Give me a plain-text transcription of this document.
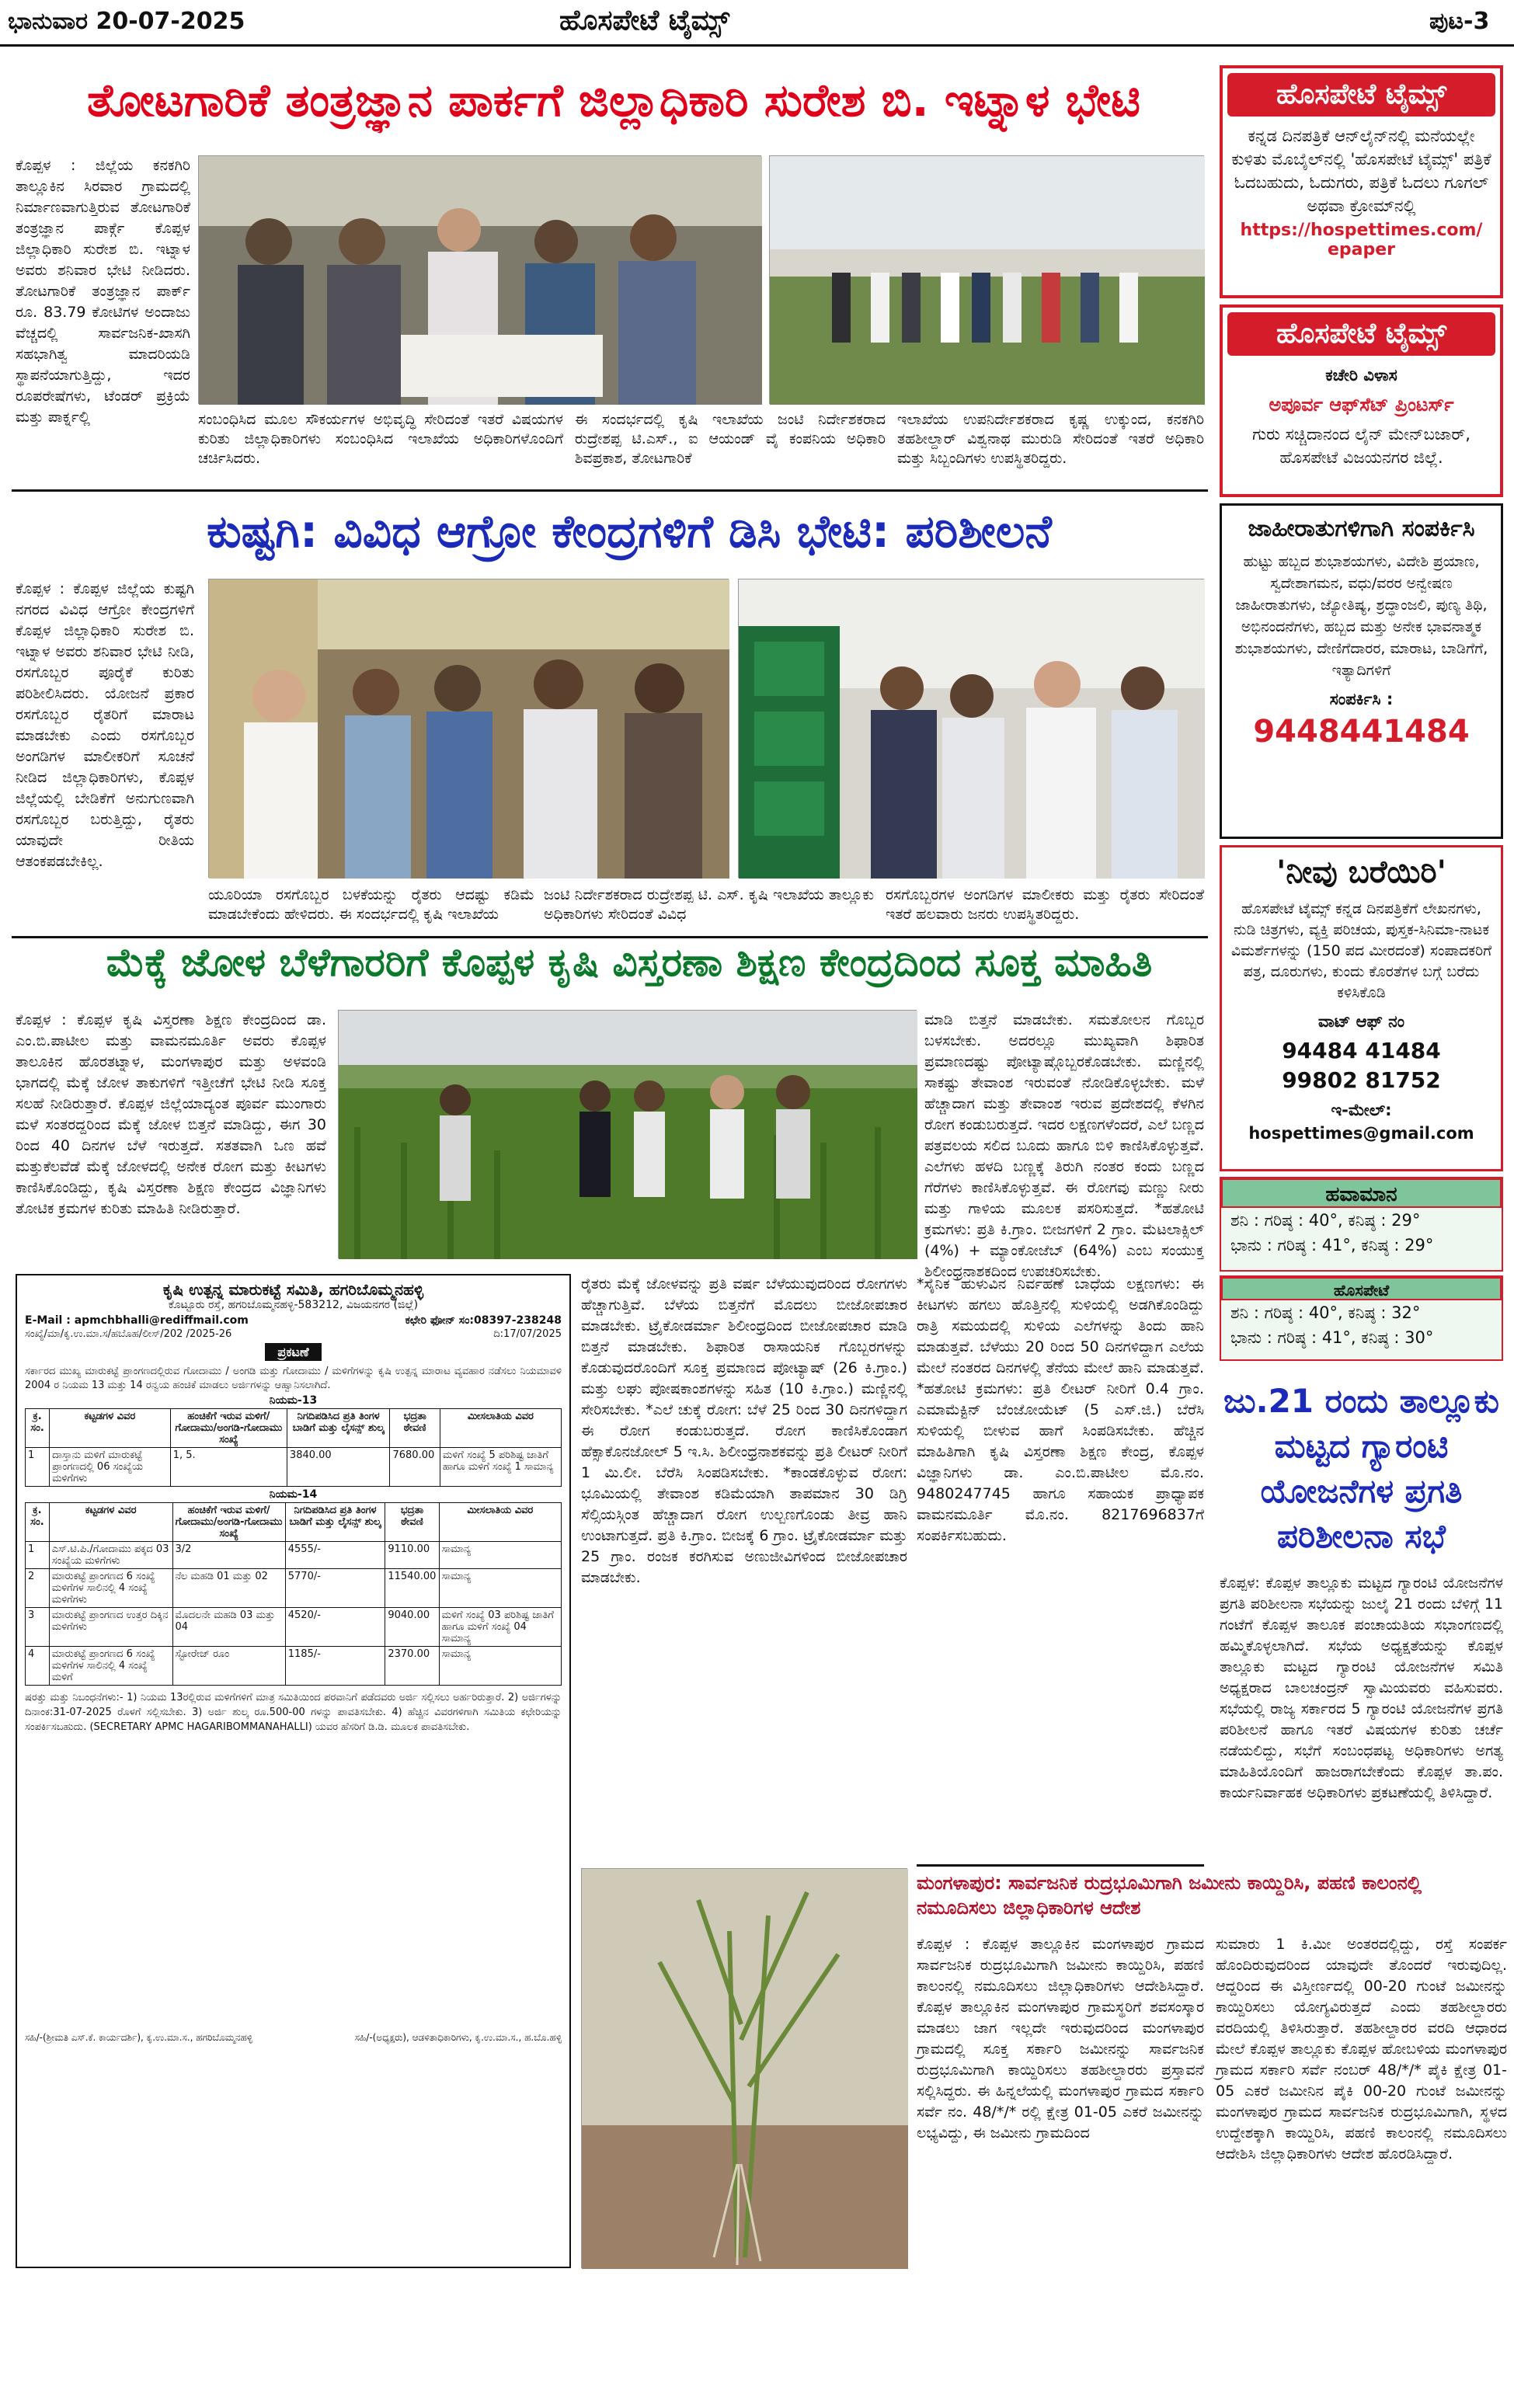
ಭಾನುವಾರ 20-07-2025	ಹೊಸಪೇಟೆ ಟೈಮ್ಸ್	ಪುಟ-3
ತೋಟಗಾರಿಕೆ ತಂತ್ರಜ್ಞಾನ ಪಾರ್ಕಗೆ ಜಿಲ್ಲಾಧಿಕಾರಿ ಸುರೇಶ ಬಿ. ಇಟ್ನಾಳ ಭೇಟಿ
ಕೊಪ್ಪಳ : ಜಿಲ್ಲೆಯ ಕನಕಗಿರಿ ತಾಲ್ಲೂಕಿನ ಸಿರವಾರ ಗ್ರಾಮದಲ್ಲಿ ನಿರ್ಮಾಣವಾಗುತ್ತಿರುವ ತೋಟಗಾರಿಕೆ ತಂತ್ರಜ್ಞಾನ ಪಾರ್ಕ್ಗೆ ಕೊಪ್ಪಳ ಜಿಲ್ಲಾಧಿಕಾರಿ ಸುರೇಶ ಬಿ. ಇಟ್ನಾಳ ಅವರು ಶನಿವಾರ ಭೇಟಿ ನೀಡಿದರು. ತೋಟಗಾರಿಕೆ ತಂತ್ರಜ್ಞಾನ ಪಾರ್ಕ್ ರೂ. 83.79 ಕೋಟಿಗಳ ಅಂದಾಜು ವೆಚ್ಚದಲ್ಲಿ ಸಾರ್ವಜನಿಕ-ಖಾಸಗಿ ಸಹಭಾಗಿತ್ವ ಮಾದರಿಯಡಿ ಸ್ಥಾಪನೆಯಾಗುತ್ತಿದ್ದು, ಇದರ ರೂಪರೇಷೆಗಳು, ಟೆಂಡರ್ ಪ್ರಕ್ರಿಯೆ ಮತ್ತು ಪಾರ್ಕ್ನಲ್ಲಿ	ಸಂಬಂಧಿಸಿದ ಮೂಲ ಸೌಕರ್ಯಗಳ ಅಭಿವೃದ್ಧಿ ಸೇರಿದಂತೆ ಇತರೆ ವಿಷಯಗಳ ಕುರಿತು ಜಿಲ್ಲಾಧಿಕಾರಿಗಳು ಸಂಬಂಧಿಸಿದ ಇಲಾಖೆಯ ಅಧಿಕಾರಿಗಳೊಂದಿಗೆ ಚರ್ಚಿಸಿದರು.
ಈ ಸಂದರ್ಭದಲ್ಲಿ ಕೃಷಿ ಇಲಾಖೆಯ ಜಂಟಿ ನಿರ್ದೇಶಕರಾದ ರುದ್ರೇಶಪ್ಪ ಟಿ.ಎಸ್., ಐ ಆಯಂಡ್ ವೈ ಕಂಪನಿಯ ಅಧಿಕಾರಿ ಶಿವಪ್ರಕಾಶ, ತೋಟಗಾರಿಕೆ
ಇಲಾಖೆಯ ಉಪನಿರ್ದೇಶಕರಾದ ಕೃಷ್ಣ ಉಕ್ಕುಂದ, ಕನಕಗಿರಿ ತಹಶೀಲ್ದಾರ್ ವಿಶ್ವನಾಥ ಮುರುಡಿ ಸೇರಿದಂತೆ ಇತರೆ ಅಧಿಕಾರಿ ಮತ್ತು ಸಿಬ್ಬಂದಿಗಳು ಉಪಸ್ಥಿತರಿದ್ದರು.
ಕುಷ್ಟಗಿ: ವಿವಿಧ ಆಗ್ರೋ ಕೇಂದ್ರಗಳಿಗೆ ಡಿಸಿ ಭೇಟಿ: ಪರಿಶೀಲನೆ
ಕೊಪ್ಪಳ : ಕೊಪ್ಪಳ ಜಿಲ್ಲೆಯ ಕುಷ್ಟಗಿ ನಗರದ ವಿವಿಧ ಆಗ್ರೋ ಕೇಂದ್ರಗಳಿಗೆ ಕೊಪ್ಪಳ ಜಿಲ್ಲಾಧಿಕಾರಿ ಸುರೇಶ ಬಿ. ಇಟ್ನಾಳ ಅವರು ಶನಿವಾರ ಭೇಟಿ ನೀಡಿ, ರಸಗೊಬ್ಬರ ಪೂರೈಕೆ ಕುರಿತು ಪರಿಶೀಲಿಸಿದರು. ಯೋಜನೆ ಪ್ರಕಾರ ರಸಗೊಬ್ಬರ ರೈತರಿಗೆ ಮಾರಾಟ ಮಾಡಬೇಕು ಎಂದು ರಸಗೊಬ್ಬರ ಅಂಗಡಿಗಳ ಮಾಲೀಕರಿಗೆ ಸೂಚನೆ ನೀಡಿದ ಜಿಲ್ಲಾಧಿಕಾರಿಗಳು, ಕೊಪ್ಪಳ ಜಿಲ್ಲೆಯಲ್ಲಿ ಬೇಡಿಕೆಗೆ ಅನುಗುಣವಾಗಿ ರಸಗೊಬ್ಬರ ಬರುತ್ತಿದ್ದು, ರೈತರು ಯಾವುದೇ ರೀತಿಯ ಆತಂಕಪಡಬೇಕಿಲ್ಲ.
ಯೂರಿಯಾ ರಸಗೊಬ್ಬರ ಬಳಕೆಯನ್ನು ರೈತರು ಆದಷ್ಟು ಕಡಿಮೆ ಮಾಡಬೇಕೆಂದು ಹೇಳಿದರು. ಈ ಸಂದರ್ಭದಲ್ಲಿ ಕೃಷಿ ಇಲಾಖೆಯ
ಜಂಟಿ ನಿರ್ದೇಶಕರಾದ ರುದ್ರೇಶಪ್ಪ ಟಿ. ಎಸ್. ಕೃಷಿ ಇಲಾಖೆಯ ತಾಲ್ಲೂಕು ಅಧಿಕಾರಿಗಳು ಸೇರಿದಂತೆ ವಿವಿಧ
ರಸಗೊಬ್ಬರಗಳ ಅಂಗಡಿಗಳ ಮಾಲೀಕರು ಮತ್ತು ರೈತರು ಸೇರಿದಂತೆ ಇತರೆ ಹಲವಾರು ಜನರು ಉಪಸ್ಥಿತರಿದ್ದರು.
ಮೆಕ್ಕೆ ಜೋಳ ಬೆಳೆಗಾರರಿಗೆ ಕೊಪ್ಪಳ ಕೃಷಿ ವಿಸ್ತರಣಾ ಶಿಕ್ಷಣ ಕೇಂದ್ರದಿಂದ ಸೂಕ್ತ ಮಾಹಿತಿ
ಕೊಪ್ಪಳ : ಕೊಪ್ಪಳ ಕೃಷಿ ವಿಸ್ತರಣಾ ಶಿಕ್ಷಣ ಕೇಂದ್ರದಿಂದ ಡಾ. ಎಂ.ಬಿ.ಪಾಟೀಲ ಮತ್ತು ವಾಮನಮೂರ್ತಿ ಅವರು ಕೊಪ್ಪಳ ತಾಲೂಕಿನ ಹೊರತಟ್ನಾಳ, ಮಂಗಳಾಪುರ ಮತ್ತು ಅಳವಂಡಿ ಭಾಗದಲ್ಲಿ ಮೆಕ್ಕೆ ಜೋಳ ತಾಕುಗಳಿಗೆ ಇತ್ತೀಚೆಗೆ ಭೇಟಿ ನೀಡಿ ಸೂಕ್ತ ಸಲಹೆ ನೀಡಿರುತ್ತಾರೆ. ಕೊಪ್ಪಳ ಜಿಲ್ಲೆಯಾದ್ಯಂತ ಪೂರ್ವ ಮುಂಗಾರು ಮಳೆ ಸಂತರದ್ದರಿಂದ ಮೆಕ್ಕೆ ಜೋಳ ಬಿತ್ತನೆ ಮಾಡಿದ್ದು, ಈಗ 30 ರಿಂದ 40 ದಿನಗಳ ಬೆಳೆ ಇರುತ್ತದೆ. ಸತತವಾಗಿ ಒಣ ಹವೆ ಮತ್ತುಕೆಲವೆಡೆ ಮೆಕ್ಕೆ ಜೋಳದಲ್ಲಿ ಅನೇಕ ರೋಗ ಮತ್ತು ಕೀಟಗಳು ಕಾಣಿಸಿಕೊಂಡಿದ್ದು, ಕೃಷಿ ವಿಸ್ತರಣಾ ಶಿಕ್ಷಣ ಕೇಂದ್ರದ ವಿಜ್ಞಾನಿಗಳು ತೋಟಿಕ ಕ್ರಮಗಳ ಕುರಿತು ಮಾಹಿತಿ ನೀಡಿರುತ್ತಾರೆ.
ಮಾಡಿ ಬಿತ್ತನೆ ಮಾಡಬೇಕು. ಸಮತೋಲನ ಗೊಬ್ಬರ ಬಳಸಬೇಕು. ಅದರಲ್ಲೂ ಮುಖ್ಯವಾಗಿ ಶಿಫಾರಿತ ಪ್ರಮಾಣದಷ್ಟು ಪೋಟ್ಯಾಷ್ಗೊಬ್ಬರಕೊಡಬೇಕು. ಮಣ್ಣಿನಲ್ಲಿ ಸಾಕಷ್ಟು ತೇವಾಂಶ ಇರುವಂತೆ ನೋಡಿಕೊಳ್ಳಬೇಕು. ಮಳೆ ಹೆಚ್ಚಾದಾಗ ಮತ್ತು ತೇವಾಂಶ ಇರುವ ಪ್ರದೇಶದಲ್ಲಿ ಕೆಳಗಿನ ರೋಗ ಕಂಡುಬರುತ್ತದೆ. ಇದರ ಲಕ್ಷಣಗಳೆಂದರೆ, ಎಲೆ ಬಣ್ಣದ ಪತ್ರವಲಯ ಸಲಿದ ಬೂದು ಹಾಗೂ ಬಿಳಿ ಕಾಣಿಸಿಕೊಳ್ಳುತ್ತವೆ. ಎಲೆಗಳು ಹಳದಿ ಬಣ್ಣಕ್ಕೆ ತಿರುಗಿ ನಂತರ ಕಂದು ಬಣ್ಣದ ಗೆರೆಗಳು ಕಾಣಿಸಿಕೊಳ್ಳುತ್ತವೆ. ಈ ರೋಗವು ಮಣ್ಣು ನೀರು ಮತ್ತು ಗಾಳಿಯ ಮೂಲಕ ಪಸರಿಸುತ್ತದೆ. *ಹತೋಟಿ ಕ್ರಮಗಳು: ಪ್ರತಿ ಕಿ.ಗ್ರಾಂ. ಬೀಜಗಳಿಗೆ 2 ಗ್ರಾಂ. ಮೆಟಲಾಕ್ಸಿಲ್ (4%) + ಮ್ಯಾಂಕೋಜೆಬ್ (64%) ಎಂಬ ಸಂಯುಕ್ತ ಶಿಲೀಂಧ್ರನಾಶಕದಿಂದ ಉಪಚರಿಸಬೇಕು.
ಕೃಷಿ ಉತ್ಪನ್ನ ಮಾರುಕಟ್ಟೆ ಸಮಿತಿ, ಹಗರಿಬೊಮ್ಮನಹಳ್ಳಿ
ಕೊಟ್ಟೂರು ರಸ್ತೆ, ಹಗರಿಬೊಮ್ಮನಹಳ್ಳಿ-583212, ವಿಜಯನಗರ (ಜಿಲ್ಲೆ)
E-Mail : apmchbhalli@rediffmail.com	ಕಛೇರಿ ಫೋನ್ ಸಂ:08397-238248
ಸಂಖ್ಯೆ/ಮಾ/ಕೃ.ಉ.ಮಾ.ಸ/ಹಬೊಹ/ಲೀಸ್/202 /2025-26	ದಿ:17/07/2025
ಪ್ರಕಟಣೆ
ಸರ್ಕಾರದ ಮುಖ್ಯ ಮಾರುಕಟ್ಟೆ ಪ್ರಾಂಗಣದಲ್ಲಿರುವ ಗೋದಾಮು / ಅಂಗಡಿ ಮತ್ತು ಗೋದಾಮು / ಮಳಿಗೆಗಳನ್ನು ಕೃಷಿ ಉತ್ಪನ್ನ ಮಾರಾಟ ವ್ಯವಹಾರ ನಡೆಸಲು ನಿಯಮಾವಳಿ 2004 ರ ನಿಯಮ 13 ಮತ್ತು 14 ರನ್ವಯ ಹಂಚಿಕೆ ಮಾಡಲು ಅರ್ಜಿಗಳನ್ನು ಆಹ್ವಾನಿಸಲಾಗಿದೆ.
ನಿಯಮ-13
ಕ್ರ. ಸಂ.	ಕಟ್ಟಡಗಳ ವಿವರ	ಹಂಚಿಕೆಗೆ ಇರುವ ಮಳಿಗೆ/ಗೋದಾಮು/ಅಂಗಡಿ-ಗೋದಾಮು ಸಂಖ್ಯೆ	ನಿಗದಿಪಡಿಸಿದ ಪ್ರತಿ ತಿಂಗಳ ಬಾಡಿಗೆ ಮತ್ತು ಲೈಸನ್ಸ್ ಶುಲ್ಕ	ಭದ್ರತಾ ಠೇವಣಿ	ಮೀಸಲಾತಿಯ ವಿವರ
1	ದಾಸ್ತಾನು ಮಳಿಗೆ ಮಾರುಕಟ್ಟೆ ಪ್ರಾಂಗಣದಲ್ಲಿ 06 ಸಂಖ್ಯೆಯ ಮಳಿಗೆಗಳು	1, 5.	3840.00	7680.00	ಮಳಿಗೆ ಸಂಖ್ಯೆ 5 ಪರಿಶಿಷ್ಟ ಜಾತಿಗೆ ಹಾಗೂ ಮಳಿಗೆ ಸಂಖ್ಯೆ 1 ಸಾಮಾನ್ಯ
ನಿಯಮ-14
ಕ್ರ. ಸಂ.	ಕಟ್ಟಡಗಳ ವಿವರ	ಹಂಚಿಕೆಗೆ ಇರುವ ಮಳಿಗೆ/ಗೋದಾಮು/ಅಂಗಡಿ-ಗೋದಾಮು ಸಂಖ್ಯೆ	ನಿಗದಿಪಡಿಸಿದ ಪ್ರತಿ ತಿಂಗಳ ಬಾಡಿಗೆ ಮತ್ತು ಲೈಸನ್ಸ್ ಶುಲ್ಕ	ಭದ್ರತಾ ಠೇವಣಿ	ಮೀಸಲಾತಿಯ ವಿವರ
1	ಎಸ್.ಟಿ.ಪಿ./ಗೋದಾಮು ಪಕ್ಕದ 03 ಸಂಖ್ಯೆಯ ಮಳಿಗೆಗಳು	3/2	4555/-	9110.00	ಸಾಮಾನ್ಯ
2	ಮಾರುಕಟ್ಟೆ ಪ್ರಾಂಗಣದ 6 ಸಂಖ್ಯೆ ಮಳಿಗೆಗಳ ಸಾಲಿನಲ್ಲಿ 4 ಸಂಖ್ಯೆ ಮಳಿಗೆಗಳು	ನೆಲ ಮಹಡಿ 01 ಮತ್ತು 02	5770/-	11540.00	ಸಾಮಾನ್ಯ
3	ಮಾರುಕಟ್ಟೆ ಪ್ರಾಂಗಣದ ಉತ್ತರ ದಿಕ್ಕಿನ ಮಳಿಗೆಗಳು	ಮೊದಲನೇ ಮಹಡಿ 03 ಮತ್ತು 04	4520/-	9040.00	ಮಳಿಗೆ ಸಂಖ್ಯೆ 03 ಪರಿಶಿಷ್ಟ ಜಾತಿಗೆ ಹಾಗೂ ಮಳಿಗೆ ಸಂಖ್ಯೆ 04 ಸಾಮಾನ್ಯ
4	ಮಾರುಕಟ್ಟೆ ಪ್ರಾಂಗಣದ 6 ಸಂಖ್ಯೆ ಮಳಿಗೆಗಳ ಸಾಲಿನಲ್ಲಿ 4 ಸಂಖ್ಯೆ ಮಳಿಗೆ	ಸ್ಟೋರೇಜ್ ರೂಂ	1185/-	2370.00	ಸಾಮಾನ್ಯ
ಷರತ್ತು ಮತ್ತು ನಿಬಂಧನೆಗಳು:- 1) ನಿಯಮ 13ರಲ್ಲಿರುವ ಮಳಿಗೆಗಳಿಗೆ ಮಾತ್ರ ಸಮಿತಿಯಿಂದ ಪರವಾನಿಗೆ ಪಡೆದವರು ಅರ್ಜಿ ಸಲ್ಲಿಸಲು ಅರ್ಹರಿರುತ್ತಾರೆ. 2) ಅರ್ಜಿಗಳನ್ನು ದಿನಾಂಕ:31-07-2025 ರೊಳಗೆ ಸಲ್ಲಿಸಬೇಕು. 3) ಅರ್ಜಿ ಶುಲ್ಕ ರೂ.500-00 ಗಳನ್ನು ಪಾವತಿಸಬೇಕು. 4) ಹೆಚ್ಚಿನ ವಿವರಗಳಿಗಾಗಿ ಸಮಿತಿಯ ಕಛೇರಿಯನ್ನು ಸಂಪರ್ಕಿಸಬಹುದು. (SECRETARY APMC HAGARIBOMMANAHALLI) ಯವರ ಹೆಸರಿಗೆ ಡಿ.ಡಿ. ಮೂಲಕ ಪಾವತಿಸಬೇಕು.
ಸಹಿ/-(ಶ್ರೀಮತಿ ಎಸ್.ಕೆ. ಕಾರ್ಯದರ್ಶಿ), ಕೃ.ಉ.ಮಾ.ಸ., ಹಗರಿಬೊಮ್ಮನಹಳ್ಳಿ	ಸಹಿ/-(ಅಧ್ಯಕ್ಷರು), ಆಡಳಿತಾಧಿಕಾರಿಗಳು, ಕೃ.ಉ.ಮಾ.ಸ., ಹ.ಬೊ.ಹಳ್ಳಿ
ರೈತರು ಮೆಕ್ಕೆ ಜೋಳವನ್ನು ಪ್ರತಿ ವರ್ಷ ಬೆಳೆಯುವುದರಿಂದ ರೋಗಗಳು ಹೆಚ್ಚಾಗುತ್ತಿವೆ. ಬೆಳೆಯ ಬಿತ್ತನೆಗೆ ಮೊದಲು ಬೀಜೋಪಚಾರ ಮಾಡಬೇಕು. ಟ್ರೈಕೋಡರ್ಮಾ ಶಿಲೀಂಧ್ರದಿಂದ ಬೀಜೋಪಚಾರ ಮಾಡಿ ಬಿತ್ತನೆ ಮಾಡಬೇಕು. ಶಿಫಾರಿತ ರಾಸಾಯನಿಕ ಗೊಬ್ಬರಗಳನ್ನು ಕೊಡುವುದರೊಂದಿಗೆ ಸೂಕ್ತ ಪ್ರಮಾಣದ ಪೋಟ್ಯಾಷ್ (26 ಕಿ.ಗ್ರಾಂ.) ಮತ್ತು ಲಘು ಪೋಷಕಾಂಶಗಳನ್ನು ಸಹಿತ (10 ಕಿ.ಗ್ರಾಂ.) ಮಣ್ಣಿನಲ್ಲಿ ಸೇರಿಸಬೇಕು. *ಎಲೆ ಚುಕ್ಕೆ ರೋಗ: ಬೆಳೆ 25 ರಿಂದ 30 ದಿನಗಳಿದ್ದಾಗ ಈ ರೋಗ ಕಂಡುಬರುತ್ತದೆ. ರೋಗ ಕಾಣಿಸಿಕೊಂಡಾಗ ಹೆಕ್ಸಾಕೊನಜೋಲ್ 5 ಇ.ಸಿ. ಶಿಲೀಂಧ್ರನಾಶಕವನ್ನು ಪ್ರತಿ ಲೀಟರ್ ನೀರಿಗೆ 1 ಮಿ.ಲೀ. ಬೆರೆಸಿ ಸಿಂಪಡಿಸಬೇಕು. *ಕಾಂಡಕೊಳ್ಳುವ ರೋಗ: ಭೂಮಿಯಲ್ಲಿ ತೇವಾಂಶ ಕಡಿಮೆಯಾಗಿ ತಾಪಮಾನ 30 ಡಿಗ್ರಿ ಸೆಲ್ಸಿಯಸ್ಗಿಂತ ಹೆಚ್ಚಾದಾಗ ರೋಗ ಉಲ್ಬಣಗೊಂಡು ತೀವ್ರ ಹಾನಿ ಉಂಟಾಗುತ್ತದೆ. ಪ್ರತಿ ಕಿ.ಗ್ರಾಂ. ಬೀಜಕ್ಕೆ 6 ಗ್ರಾಂ. ಟ್ರೈಕೋಡರ್ಮಾ ಮತ್ತು 25 ಗ್ರಾಂ. ರಂಜಕ ಕರಗಿಸುವ ಅಣುಜೀವಿಗಳಿಂದ ಬೀಜೋಪಚಾರ ಮಾಡಬೇಕು.
*ಸೈನಿಕ ಹುಳುವಿನ ನಿರ್ವಹಣೆ ಬಾಧೆಯ ಲಕ್ಷಣಗಳು: ಈ ಕೀಟಗಳು ಹಗಲು ಹೊತ್ತಿನಲ್ಲಿ ಸುಳಿಯಲ್ಲಿ ಅಡಗಿಕೊಂಡಿದ್ದು ರಾತ್ರಿ ಸಮಯದಲ್ಲಿ ಸುಳಿಯ ಎಲೆಗಳನ್ನು ತಿಂದು ಹಾನಿ ಮಾಡುತ್ತವೆ. ಬೆಳೆಯು 20 ರಿಂದ 50 ದಿನಗಳಿದ್ದಾಗ ಎಲೆಯ ಮೇಲೆ ನಂತರದ ದಿನಗಳಲ್ಲಿ ತೆನೆಯ ಮೇಲೆ ಹಾನಿ ಮಾಡುತ್ತವೆ. *ಹತೋಟಿ ಕ್ರಮಗಳು: ಪ್ರತಿ ಲೀಟರ್ ನೀರಿಗೆ 0.4 ಗ್ರಾಂ. ಎಮಾಮೆಕ್ಟಿನ್ ಬೆಂಜೋಯೆಟ್ (5 ಎಸ್.ಜಿ.) ಬೆರೆಸಿ ಸುಳಿಯಲ್ಲಿ ಬೀಳುವ ಹಾಗೆ ಸಿಂಪಡಿಸಬೇಕು. ಹೆಚ್ಚಿನ ಮಾಹಿತಿಗಾಗಿ ಕೃಷಿ ವಿಸ್ತರಣಾ ಶಿಕ್ಷಣ ಕೇಂದ್ರ, ಕೊಪ್ಪಳ ವಿಜ್ಞಾನಿಗಳು ಡಾ. ಎಂ.ಬಿ.ಪಾಟೀಲ ಮೊ.ನಂ. 9480247745 ಹಾಗೂ ಸಹಾಯಕ ಪ್ರಾಧ್ಯಾಪಕ ವಾಮನಮೂರ್ತಿ ಮೊ.ನಂ. 8217696837ಗೆ ಸಂಪರ್ಕಿಸಬಹುದು.
ಮಂಗಳಾಪುರ: ಸಾರ್ವಜನಿಕ ರುದ್ರಭೂಮಿಗಾಗಿ ಜಮೀನು ಕಾಯ್ದಿರಿಸಿ, ಪಹಣಿ ಕಾಲಂನಲ್ಲಿ ನಮೂದಿಸಲು ಜಿಲ್ಲಾಧಿಕಾರಿಗಳ ಆದೇಶ
ಕೊಪ್ಪಳ : ಕೊಪ್ಪಳ ತಾಲ್ಲೂಕಿನ ಮಂಗಳಾಪುರ ಗ್ರಾಮದ ಸಾರ್ವಜನಿಕ ರುದ್ರಭೂಮಿಗಾಗಿ ಜಮೀನು ಕಾಯ್ದಿರಿಸಿ, ಪಹಣಿ ಕಾಲಂನಲ್ಲಿ ನಮೂದಿಸಲು ಜಿಲ್ಲಾಧಿಕಾರಿಗಳು ಆದೇಶಿಸಿದ್ದಾರೆ. ಕೊಪ್ಪಳ ತಾಲ್ಲೂಕಿನ ಮಂಗಳಾಪುರ ಗ್ರಾಮಸ್ಥರಿಗೆ ಶವಸಂಸ್ಕಾರ ಮಾಡಲು ಜಾಗ ಇಲ್ಲದೇ ಇರುವುದರಿಂದ ಮಂಗಳಾಪುರ ಗ್ರಾಮದಲ್ಲಿ ಸೂಕ್ತ ಸರ್ಕಾರಿ ಜಮೀನನ್ನು ಸಾರ್ವಜನಿಕ ರುದ್ರಭೂಮಿಗಾಗಿ ಕಾಯ್ದಿರಿಸಲು ತಹಶೀಲ್ದಾರರು ಪ್ರಸ್ತಾವನೆ ಸಲ್ಲಿಸಿದ್ದರು. ಈ ಹಿನ್ನಲೆಯಲ್ಲಿ ಮಂಗಳಾಪುರ ಗ್ರಾಮದ ಸರ್ಕಾರಿ ಸರ್ವೆ ನಂ. 48/*/* ರಲ್ಲಿ ಕ್ಷೇತ್ರ 01-05 ಎಕರೆ ಜಮೀನನ್ನು ಲಭ್ಯವಿದ್ದು, ಈ ಜಮೀನು ಗ್ರಾಮದಿಂದ
ಸುಮಾರು 1 ಕಿ.ಮೀ ಅಂತರದಲ್ಲಿದ್ದು, ರಸ್ತೆ ಸಂಪರ್ಕ ಹೊಂದಿರುವುದರಿಂದ ಯಾವುದೇ ತೊಂದರೆ ಇರುವುದಿಲ್ಲ. ಆದ್ದರಿಂದ ಈ ವಿಸ್ತೀರ್ಣದಲ್ಲಿ 00-20 ಗುಂಟೆ ಜಮೀನನ್ನು ಕಾಯ್ದಿರಿಸಲು ಯೋಗ್ಯವಿರುತ್ತದೆ ಎಂದು ತಹಶೀಲ್ದಾರರು ವರದಿಯಲ್ಲಿ ತಿಳಿಸಿರುತ್ತಾರೆ. ತಹಶೀಲ್ದಾರರ ವರದಿ ಆಧಾರದ ಮೇಲೆ ಕೊಪ್ಪಳ ತಾಲ್ಲೂಕು ಕೊಪ್ಪಳ ಹೋಬಳಿಯ ಮಂಗಳಾಪುರ ಗ್ರಾಮದ ಸರ್ಕಾರಿ ಸರ್ವೆ ನಂಬರ್ 48/*/* ಪೈಕಿ ಕ್ಷೇತ್ರ 01-05 ಎಕರೆ ಜಮೀನಿನ ಪೈಕಿ 00-20 ಗುಂಟೆ ಜಮೀನನ್ನು ಮಂಗಳಾಪುರ ಗ್ರಾಮದ ಸಾರ್ವಜನಿಕ ರುದ್ರಭೂಮಿಗಾಗಿ, ಸ್ಥಳದ ಉದ್ದೇಶಕ್ಕಾಗಿ ಕಾಯ್ದಿರಿಸಿ, ಪಹಣಿ ಕಾಲಂನಲ್ಲಿ ನಮೂದಿಸಲು ಆದೇಶಿಸಿ ಜಿಲ್ಲಾಧಿಕಾರಿಗಳು ಆದೇಶ ಹೊರಡಿಸಿದ್ದಾರೆ.
ಹೊಸಪೇಟೆ ಟೈಮ್ಸ್
ಕನ್ನಡ ದಿನಪತ್ರಿಕೆ ಆನ್‌ಲೈನ್‌ನಲ್ಲಿ ಮನೆಯಲ್ಲೇ ಕುಳಿತು ಮೊಬೈಲ್‌ನಲ್ಲಿ 'ಹೊಸಪೇಟೆ ಟೈಮ್ಸ್' ಪತ್ರಿಕೆ ಓದಬಹುದು, ಓದುಗರು, ಪತ್ರಿಕೆ ಓದಲು ಗೂಗಲ್ ಅಥವಾ ಕ್ರೋಮ್‌ನಲ್ಲಿ
https://hospettimes.com/
epaper
ಹೊಸಪೇಟೆ ಟೈಮ್ಸ್
ಕಚೇರಿ ವಿಳಾಸ
ಅಪೂರ್ವ ಆಫ್‌ಸೆಟ್ ಪ್ರಿಂಟರ್ಸ್
ಗುರು ಸಚ್ಚಿದಾನಂದ ಲೈನ್ ಮೇನ್‌ಬಜಾರ್, ಹೊಸಪೇಟೆ ವಿಜಯನಗರ ಜಿಲ್ಲೆ.
ಜಾಹೀರಾತುಗಳಿಗಾಗಿ ಸಂಪರ್ಕಿಸಿ
ಹುಟ್ಟು ಹಬ್ಬದ ಶುಭಾಶಯಗಳು, ವಿದೇಶಿ ಪ್ರಯಾಣ, ಸ್ವದೇಶಾಗಮನ, ವಧು/ವರರ ಅನ್ವೇಷಣ ಜಾಹೀರಾತುಗಳು, ಜ್ಯೋತಿಷ್ಯ, ಶ್ರದ್ಧಾಂಜಲಿ, ಪುಣ್ಯ ತಿಥಿ, ಅಭಿನಂದನೆಗಳು, ಹಬ್ಬದ ಮತ್ತು ಅನೇಕ ಭಾವನಾತ್ಮಕ ಶುಭಾಶಯಗಳು, ದೇಣಿಗೆದಾರರ, ಮಾರಾಟ, ಬಾಡಿಗೆಗೆ, ಇತ್ಯಾದಿಗಳಿಗೆ
ಸಂಪರ್ಕಿಸಿ :
9448441484
'ನೀವು ಬರೆಯಿರಿ'
ಹೊಸಪೇಟೆ ಟೈಮ್ಸ್ ಕನ್ನಡ ದಿನಪತ್ರಿಕೆಗೆ ಲೇಖನಗಳು, ನುಡಿ ಚಿತ್ರಗಳು, ವ್ಯಕ್ತಿ ಪರಿಚಯ, ಪುಸ್ತಕ-ಸಿನಿಮಾ-ನಾಟಕ ವಿಮರ್ಶೆಗಳನ್ನು (150 ಪದ ಮೀರದಂತೆ) ಸಂಪಾದಕರಿಗೆ ಪತ್ರ, ದೂರುಗಳು, ಕುಂದು ಕೊರತೆಗಳ ಬಗ್ಗೆ ಬರೆದು ಕಳಿಸಿಕೊಡಿ
ವಾಟ್ ಆಫ್ ನಂ
94484 41484
99802 81752
ಇ-ಮೇಲ್: hospettimes@gmail.com
ಹವಾಮಾನ
ಶನಿ : ಗರಿಷ್ಠ : 40°, ಕನಿಷ್ಠ : 29°
ಭಾನು : ಗರಿಷ್ಠ : 41°, ಕನಿಷ್ಠ : 29°
ಹೊಸಪೇಟೆ
ಶನಿ : ಗರಿಷ್ಠ : 40°, ಕನಿಷ್ಠ : 32°
ಭಾನು : ಗರಿಷ್ಠ : 41°, ಕನಿಷ್ಠ : 30°
ಜು.21 ರಂದು ತಾಲ್ಲೂಕು ಮಟ್ಟದ ಗ್ಯಾರಂಟಿ ಯೋಜನೆಗಳ ಪ್ರಗತಿ ಪರಿಶೀಲನಾ ಸಭೆ
ಕೊಪ್ಪಳ: ಕೊಪ್ಪಳ ತಾಲ್ಲೂಕು ಮಟ್ಟದ ಗ್ಯಾರಂಟಿ ಯೋಜನೆಗಳ ಪ್ರಗತಿ ಪರಿಶೀಲನಾ ಸಭೆಯನ್ನು ಜುಲೈ 21 ರಂದು ಬೆಳಿಗ್ಗೆ 11 ಗಂಟೆಗೆ ಕೊಪ್ಪಳ ತಾಲೂಕ ಪಂಚಾಯತಿಯ ಸಭಾಂಗಣದಲ್ಲಿ ಹಮ್ಮಿಕೊಳ್ಳಲಾಗಿದೆ. ಸಭೆಯ ಅಧ್ಯಕ್ಷತೆಯನ್ನು ಕೊಪ್ಪಳ ತಾಲ್ಲೂಕು ಮಟ್ಟದ ಗ್ಯಾರಂಟಿ ಯೋಜನೆಗಳ ಸಮಿತಿ ಅಧ್ಯಕ್ಷರಾದ ಬಾಲಚಂದ್ರನ್ ಸ್ವಾಮಿಯವರು ವಹಿಸುವರು. ಸಭೆಯಲ್ಲಿ ರಾಜ್ಯ ಸರ್ಕಾರದ 5 ಗ್ಯಾರಂಟಿ ಯೋಜನೆಗಳ ಪ್ರಗತಿ ಪರಿಶೀಲನೆ ಹಾಗೂ ಇತರೆ ವಿಷಯಗಳ ಕುರಿತು ಚರ್ಚೆ ನಡೆಯಲಿದ್ದು, ಸಭೆಗೆ ಸಂಬಂಧಪಟ್ಟ ಅಧಿಕಾರಿಗಳು ಅಗತ್ಯ ಮಾಹಿತಿಯೊಂದಿಗೆ ಹಾಜರಾಗಬೇಕೆಂದು ಕೊಪ್ಪಳ ತಾ.ಪಂ. ಕಾರ್ಯನಿರ್ವಾಹಕ ಅಧಿಕಾರಿಗಳು ಪ್ರಕಟಣೆಯಲ್ಲಿ ತಿಳಿಸಿದ್ದಾರೆ.
